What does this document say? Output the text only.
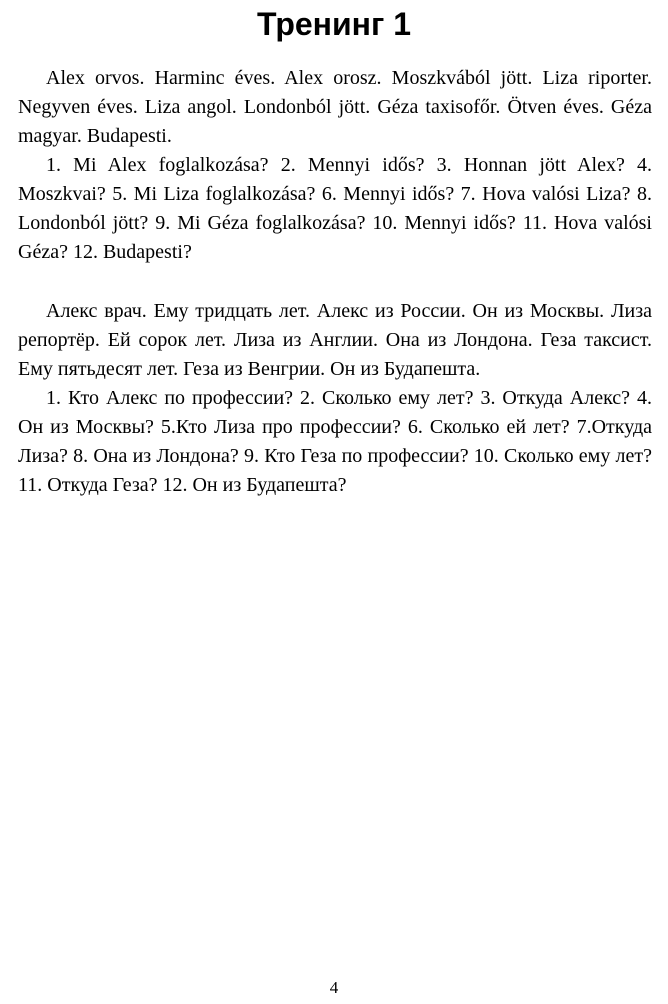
Тренинг 1

Alex orvos. Harminc éves. Alex orosz. Moszkvából jött. Liza riporter. Negyven éves. Liza angol. Londonból jött. Géza taxisofőr. Ötven éves. Géza magyar. Budapesti.

1. Mi Alex foglalkozása? 2. Mennyi idős? 3. Honnan jött Alex? 4. Moszkvai? 5. Mi Liza foglalkozása? 6. Mennyi idős? 7. Hova valósi Liza? 8. Londonból jött? 9. Mi Géza foglalkozása? 10. Mennyi idős? 11. Hova valósi Géza? 12. Budapesti?

Алекс врач. Ему тридцать лет. Алекс из России. Он из Москвы. Лиза репортёр. Ей сорок лет. Лиза из Англии. Она из Лондона. Геза таксист. Ему пятьдесят лет. Геза из Венгрии. Он из Будапешта.

1. Кто Алекс по профессии? 2. Сколько ему лет? 3. Откуда Алекс? 4. Он из Москвы? 5.Кто Лиза про профессии? 6. Сколько ей лет? 7.Откуда Лиза? 8. Она из Лондона? 9. Кто Геза по профессии? 10. Сколько ему лет? 11. Откуда Геза? 12. Он из Будапешта?

4
